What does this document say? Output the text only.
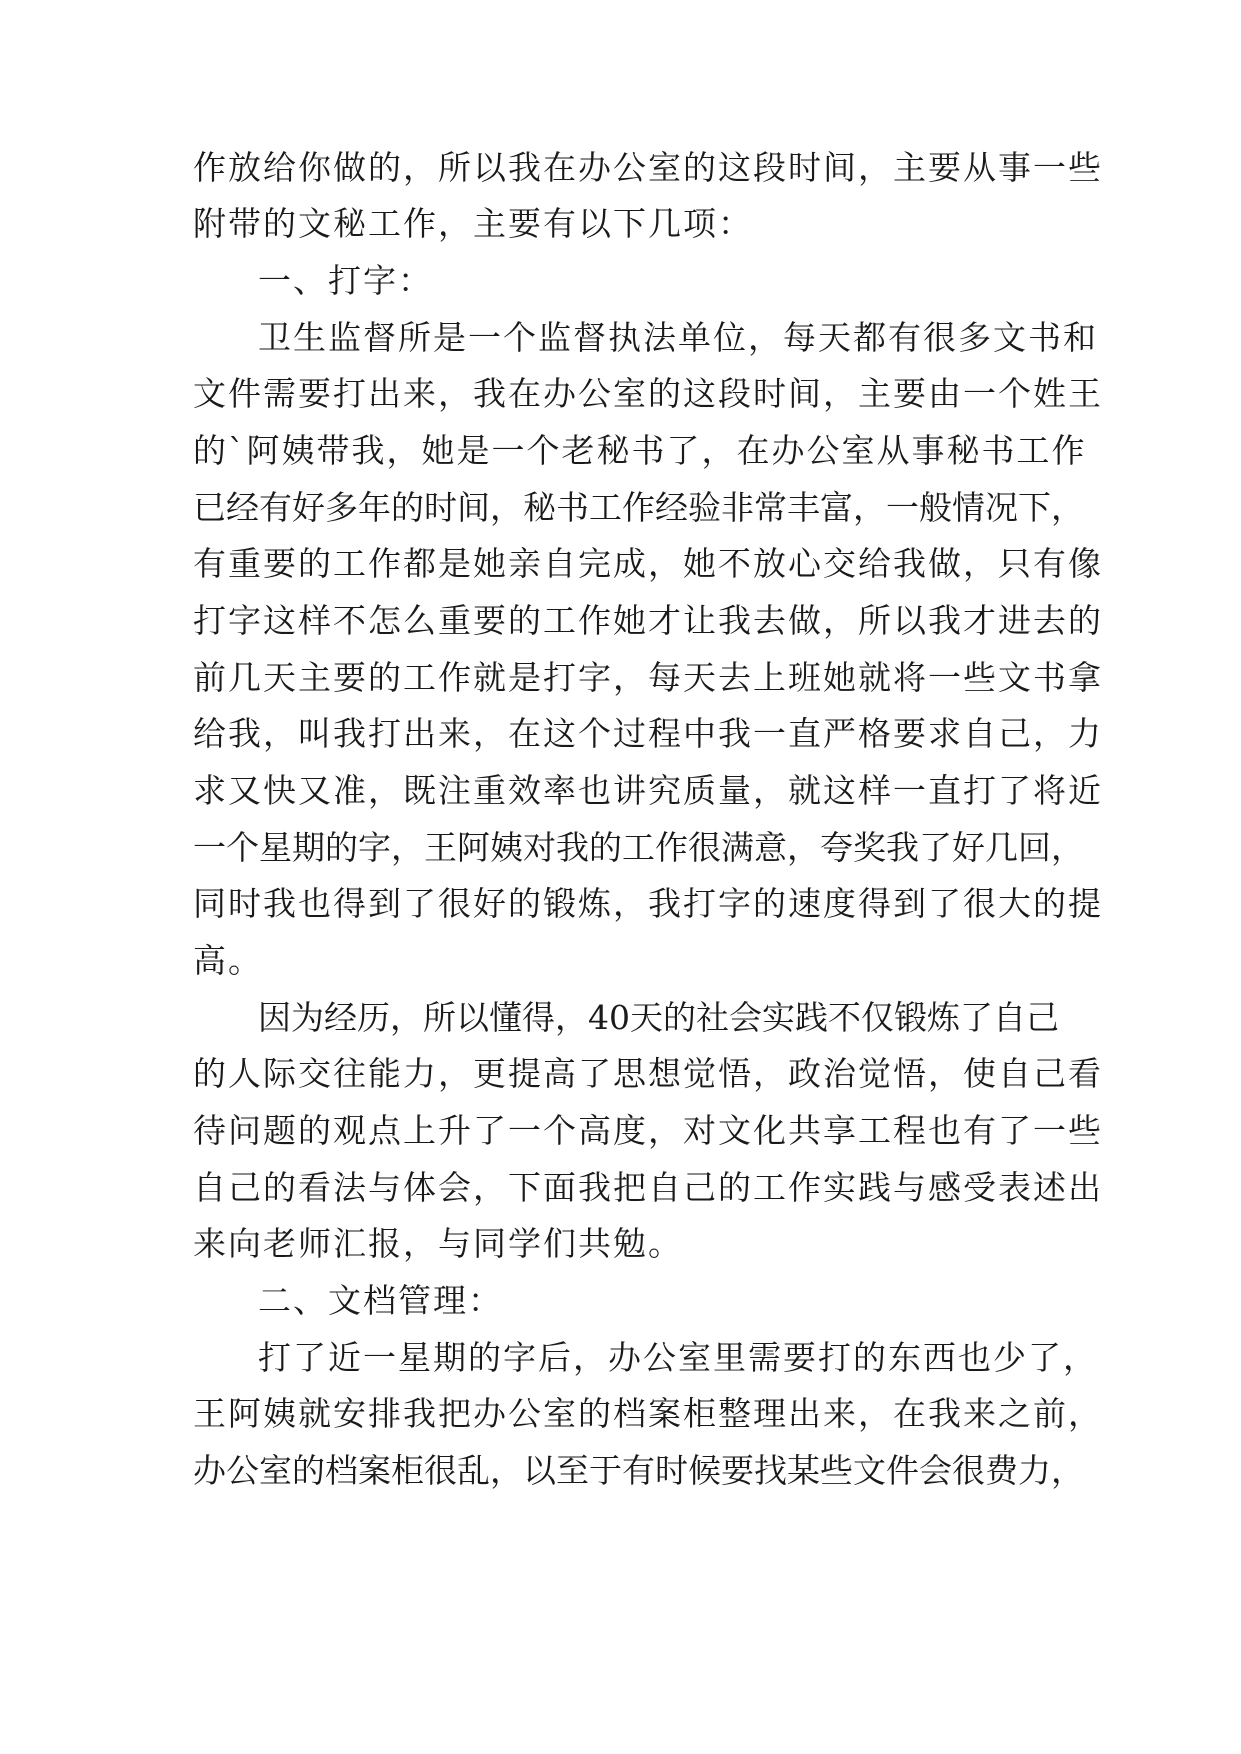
作放给你做的，所以我在办公室的这段时间，主要从事一些
附带的文秘工作，主要有以下几项：
一、打字：
卫生监督所是一个监督执法单位，每天都有很多文书和
文件需要打出来，我在办公室的这段时间，主要由一个姓王
的`阿姨带我，她是一个老秘书了，在办公室从事秘书工作
已经有好多年的时间，秘书工作经验非常丰富，一般情况下，
有重要的工作都是她亲自完成，她不放心交给我做，只有像
打字这样不怎么重要的工作她才让我去做，所以我才进去的
前几天主要的工作就是打字，每天去上班她就将一些文书拿
给我，叫我打出来，在这个过程中我一直严格要求自己，力
求又快又准，既注重效率也讲究质量，就这样一直打了将近
一个星期的字，王阿姨对我的工作很满意，夸奖我了好几回，
同时我也得到了很好的锻炼，我打字的速度得到了很大的提
高。
因为经历，所以懂得，40天的社会实践不仅锻炼了自己
的人际交往能力，更提高了思想觉悟，政治觉悟，使自己看
待问题的观点上升了一个高度，对文化共享工程也有了一些
自己的看法与体会，下面我把自己的工作实践与感受表述出
来向老师汇报，与同学们共勉。
二、文档管理：
打了近一星期的字后，办公室里需要打的东西也少了，
王阿姨就安排我把办公室的档案柜整理出来，在我来之前，
办公室的档案柜很乱，以至于有时候要找某些文件会很费力，
